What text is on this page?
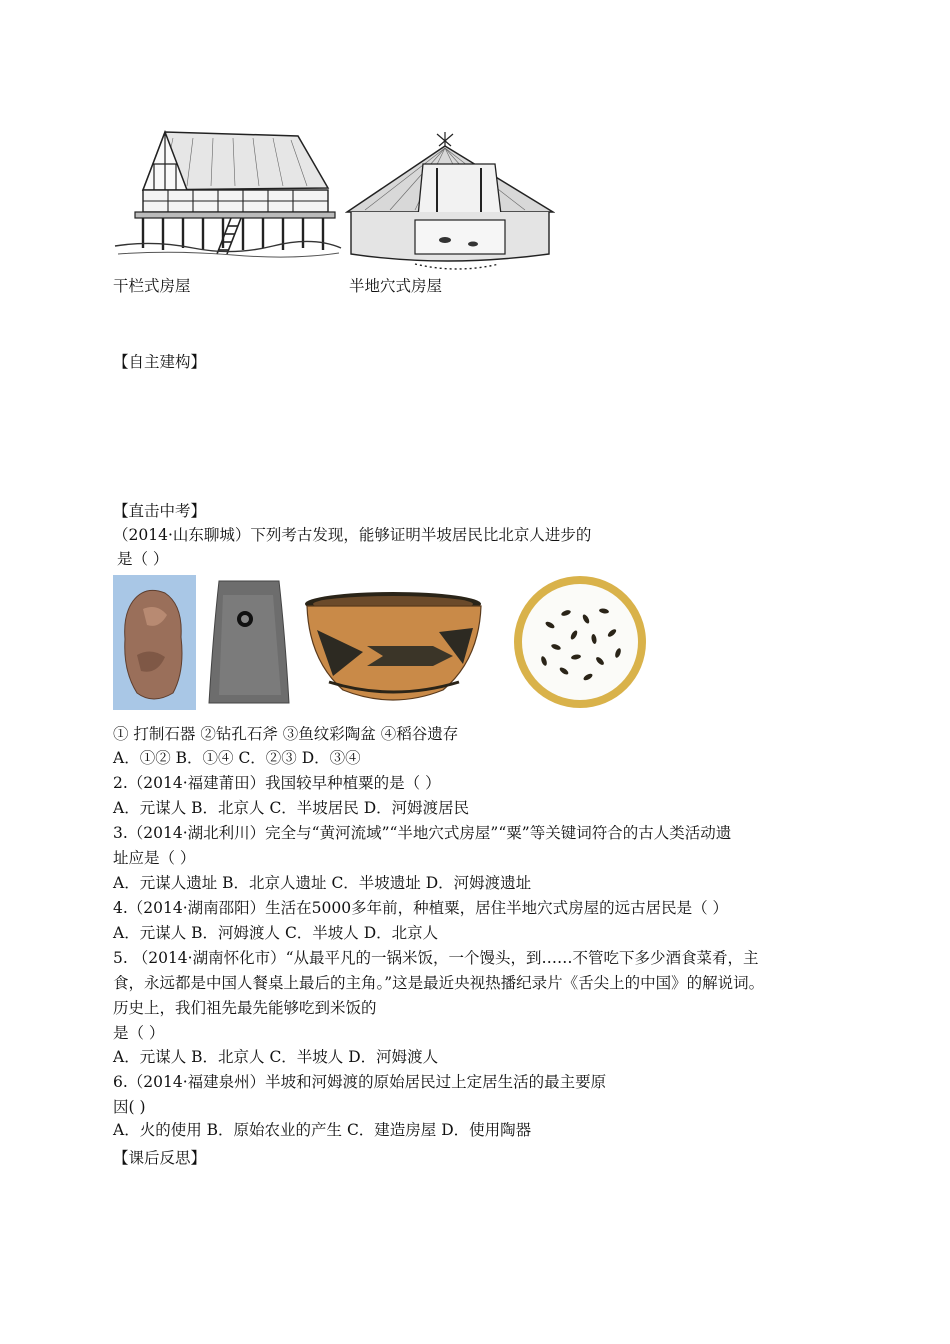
干栏式房屋	半地穴式房屋
【自主建构】
【直击中考】
（2014·山东聊城）下列考古发现，能够证明半坡居民比北京人进步的
是（ ）
① 打制石器 ②钻孔石斧 ③鱼纹彩陶盆 ④稻谷遗存
A．①② B．①④ C．②③ D．③④
2.（2014·福建莆田）我国较早种植粟的是（ ）
A．元谋人 B．北京人 C．半坡居民 D．河姆渡居民
3.（2014·湖北利川）完全与“黄河流域”“半地穴式房屋”“粟”等关键词符合的古人类活动遗
址应是（ ）
A．元谋人遗址 B．北京人遗址 C．半坡遗址 D．河姆渡遗址
4.（2014·湖南邵阳）生活在5000多年前，种植粟，居住半地穴式房屋的远古居民是（ ）
A．元谋人 B．河姆渡人 C．半坡人 D．北京人
5. （2014·湖南怀化市）“从最平凡的一锅米饭，一个馒头，到……不管吃下多少酒食菜肴，主
食，永远都是中国人餐桌上最后的主角。”这是最近央视热播纪录片《舌尖上的中国》的解说词。
历史上，我们祖先最先能够吃到米饭的
是（ ）
A．元谋人 B．北京人 C．半坡人 D．河姆渡人
6.（2014·福建泉州）半坡和河姆渡的原始居民过上定居生活的最主要原
因( )
A．火的使用 B．原始农业的产生 C．建造房屋 D．使用陶器
【课后反思】
